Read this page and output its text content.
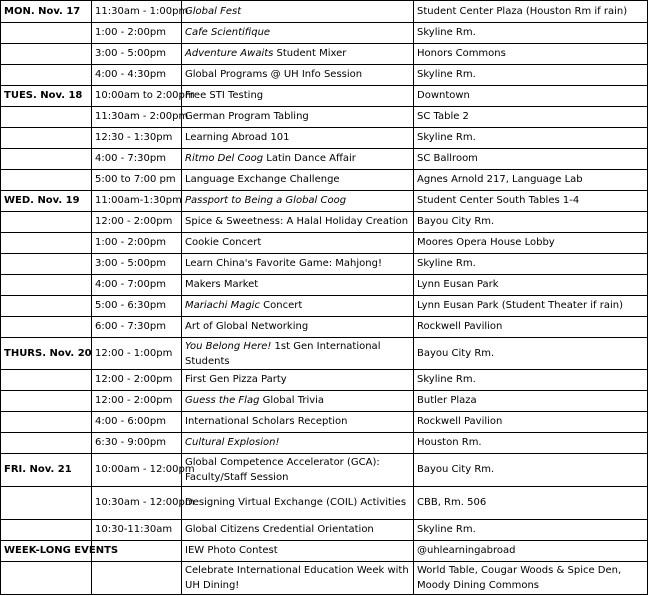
MON. Nov. 17	11:30am - 1:00pm	Global Fest	Student Center Plaza (Houston Rm if rain)
	1:00 - 2:00pm	Cafe Scientifique	Skyline Rm.
	3:00 - 5:00pm	Adventure Awaits Student Mixer	Honors Commons
	4:00 - 4:30pm	Global Programs @ UH Info Session	Skyline Rm.
TUES. Nov. 18	10:00am to 2:00pm	Free STI Testing	Downtown
	11:30am - 2:00pm	German Program Tabling	SC Table 2
	12:30 - 1:30pm	Learning Abroad 101	Skyline Rm.
	4:00 - 7:30pm	Ritmo Del Coog Latin Dance Affair	SC Ballroom
	5:00 to 7:00 pm	Language Exchange Challenge	Agnes Arnold 217, Language Lab
WED. Nov. 19	11:00am-1:30pm	Passport to Being a Global Coog	Student Center South Tables 1-4
	12:00 - 2:00pm	Spice & Sweetness: A Halal Holiday Creation	Bayou City Rm.
	1:00 - 2:00pm	Cookie Concert	Moores Opera House Lobby
	3:00 - 5:00pm	Learn China's Favorite Game: Mahjong!	Skyline Rm.
	4:00 - 7:00pm	Makers Market	Lynn Eusan Park
	5:00 - 6:30pm	Mariachi Magic Concert	Lynn Eusan Park (Student Theater if rain)
	6:00 - 7:30pm	Art of Global Networking	Rockwell Pavilion
THURS. Nov. 20	12:00 - 1:00pm	You Belong Here! 1st Gen International Students	Bayou City Rm.
	12:00 - 2:00pm	First Gen Pizza Party	Skyline Rm.
	12:00 - 2:00pm	Guess the Flag Global Trivia	Butler Plaza
	4:00 - 6:00pm	International Scholars Reception	Rockwell Pavilion
	6:30 - 9:00pm	Cultural Explosion!	Houston Rm.
FRI. Nov. 21	10:00am - 12:00pm	Global Competence Accelerator (GCA): Faculty/Staff Session	Bayou City Rm.
	10:30am - 12:00pm	Designing Virtual Exchange (COIL) Activities	CBB, Rm. 506
	10:30-11:30am	Global Citizens Credential Orientation	Skyline Rm.
WEEK-LONG EVENTS		IEW Photo Contest	@uhlearningabroad
		Celebrate International Education Week with UH Dining!	World Table, Cougar Woods & Spice Den, Moody Dining Commons
